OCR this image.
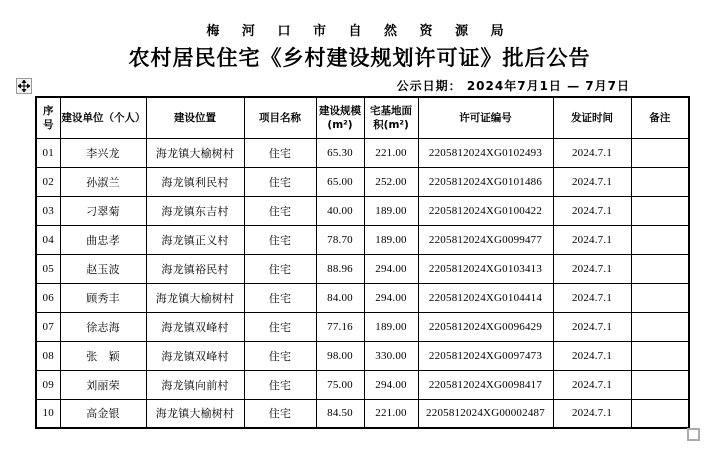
梅 河 口 市 自 然 资 源 局
农村居民住宅《乡村建设规划许可证》批后公告
公示日期： 2024年7月1日 — 7月7日
序号	建设单位（个人）	建设位置	项目名称	建设规模(m²)	宅基地面积(m²)	许可证编号	发证时间	备注
01	李兴龙	海龙镇大榆树村	住宅	65.30	221.00	2205812024XG0102493	2024.7.1	
02	孙淑兰	海龙镇利民村	住宅	65.00	252.00	2205812024XG0101486	2024.7.1	
03	刁翠菊	海龙镇东吉村	住宅	40.00	189.00	2205812024XG0100422	2024.7.1	
04	曲忠孝	海龙镇正义村	住宅	78.70	189.00	2205812024XG0099477	2024.7.1	
05	赵玉波	海龙镇裕民村	住宅	88.96	294.00	2205812024XG0103413	2024.7.1	
06	顾秀丰	海龙镇大榆树村	住宅	84.00	294.00	2205812024XG0104414	2024.7.1	
07	徐志海	海龙镇双峰村	住宅	77.16	189.00	2205812024XG0096429	2024.7.1	
08	张　颖	海龙镇双峰村	住宅	98.00	330.00	2205812024XG0097473	2024.7.1	
09	刘丽荣	海龙镇向前村	住宅	75.00	294.00	2205812024XG0098417	2024.7.1	
10	高金银	海龙镇大榆树村	住宅	84.50	221.00	2205812024XG00002487	2024.7.1	
